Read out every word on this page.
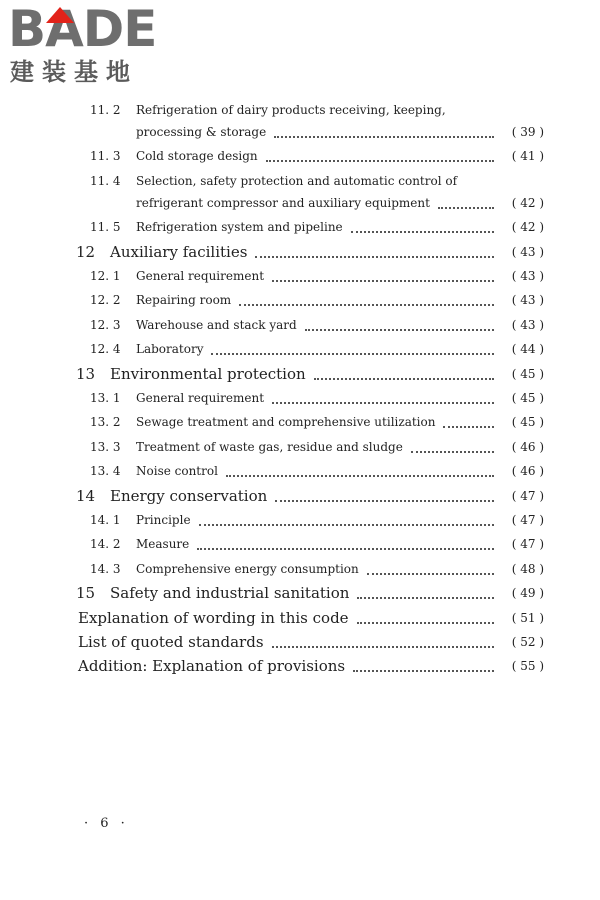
BADE
建装基地
11. 2	Refrigeration of dairy products receiving, keeping,
processing & storage	( 39 )
11. 3	Cold storage design	( 41 )
11. 4	Selection, safety protection and automatic control of
refrigerant compressor and auxiliary equipment	( 42 )
11. 5	Refrigeration system and pipeline	( 42 )
12 Auxiliary facilities	( 43 )
12. 1	General requirement	( 43 )
12. 2	Repairing room	( 43 )
12. 3	Warehouse and stack yard	( 43 )
12. 4	Laboratory	( 44 )
13 Environmental protection	( 45 )
13. 1	General requirement	( 45 )
13. 2	Sewage treatment and comprehensive utilization	( 45 )
13. 3	Treatment of waste gas, residue and sludge	( 46 )
13. 4	Noise control	( 46 )
14 Energy conservation	( 47 )
14. 1	Principle	( 47 )
14. 2	Measure	( 47 )
14. 3	Comprehensive energy consumption	( 48 )
15 Safety and industrial sanitation	( 49 )
Explanation of wording in this code	( 51 )
List of quoted standards	( 52 )
Addition: Explanation of provisions	( 55 )
· 6 ·
